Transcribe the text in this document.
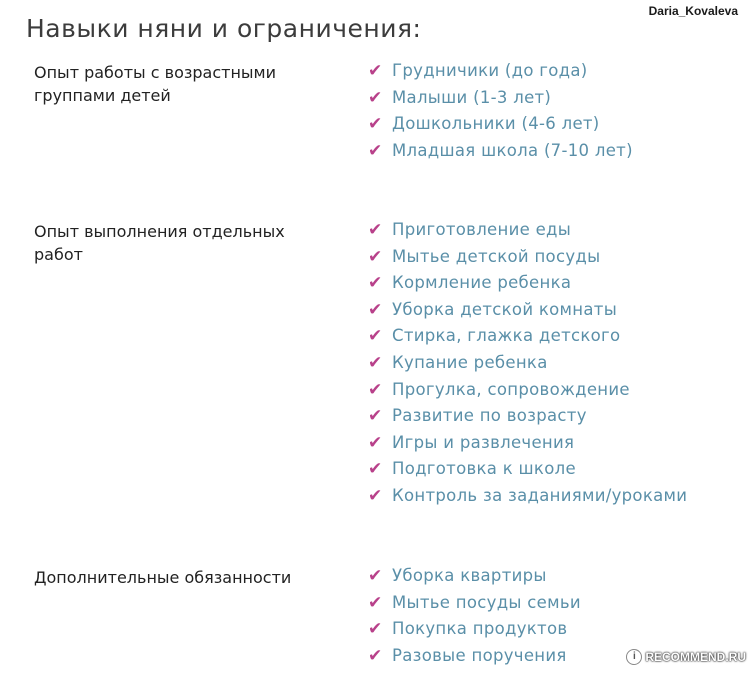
Daria_Kovaleva
Навыки няни и ограничения:
Опыт работы с возрастными группами детей
✔ Грудничики (до года)
✔ Малыши (1-3 лет)
✔ Дошкольники (4-6 лет)
✔ Младшая школа (7-10 лет)
Опыт выполнения отдельных работ
✔ Приготовление еды
✔ Мытье детской посуды
✔ Кормление ребенка
✔ Уборка детской комнаты
✔ Стирка, глажка детского
✔ Купание ребенка
✔ Прогулка, сопровождение
✔ Развитие по возрасту
✔ Игры и развлечения
✔ Подготовка к школе
✔ Контроль за заданиями/уроками
Дополнительные обязанности	✔ Уборка квартиры
✔ Мытье посуды семьи
✔ Покупка продуктов
✔ Разовые поручения	i RECOMMEND.RU
